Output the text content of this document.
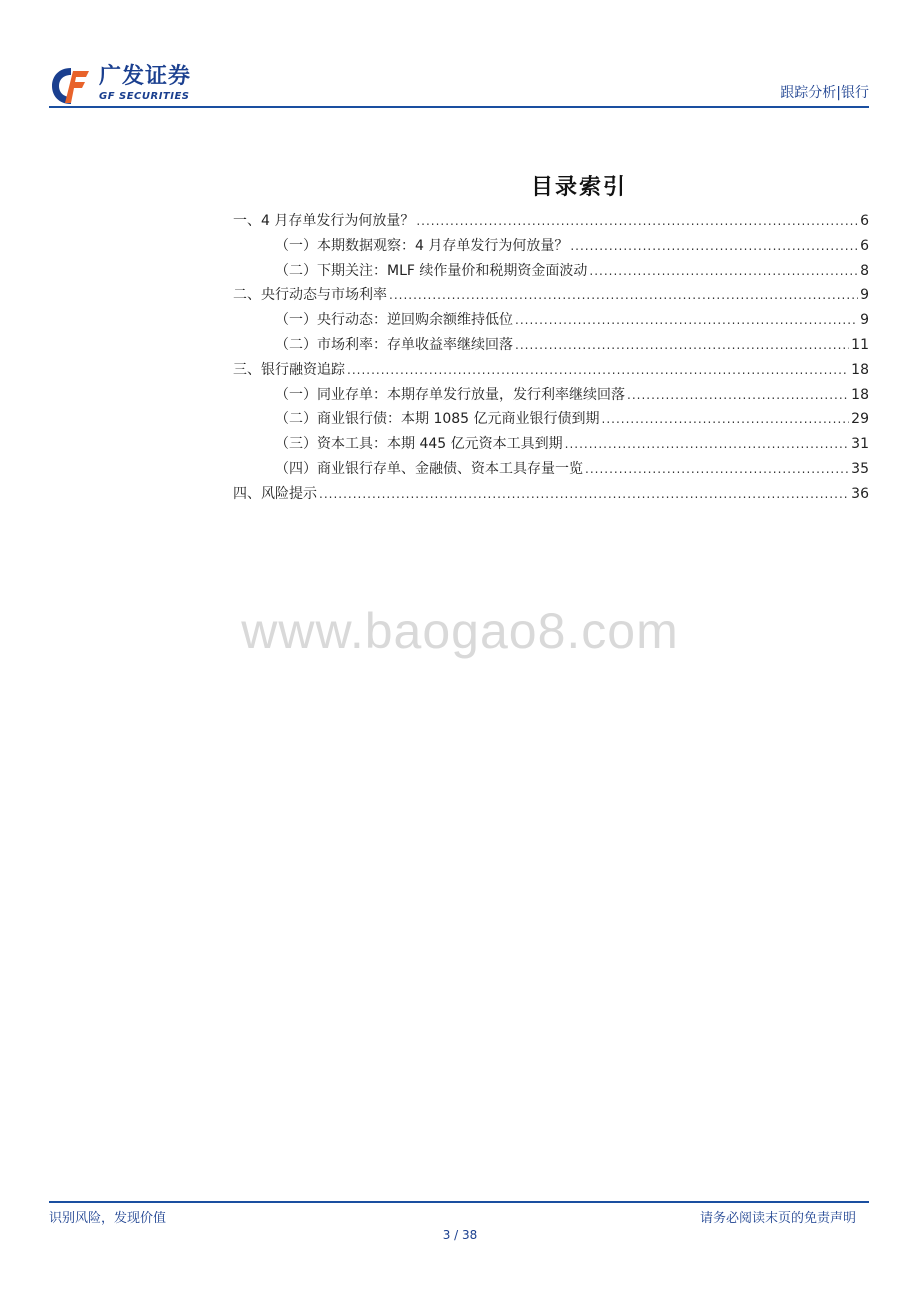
广发证券
GF SECURITIES	跟踪分析|银行
目录索引
一、4 月存单发行为何放量？ .....	6
（一）本期数据观察：4 月存单发行为何放量？ .....	6
（二）下期关注：MLF 续作量价和税期资金面波动 .....	8
二、央行动态与市场利率 .....	9
（一）央行动态：逆回购余额维持低位 .....	9
（二）市场利率：存单收益率继续回落 .....	11
三、银行融资追踪 .....	18
（一）同业存单：本期存单发行放量，发行利率继续回落 .....	18
（二）商业银行债：本期 1085 亿元商业银行债到期 .....	29
（三）资本工具：本期 445 亿元资本工具到期 .....	31
（四）商业银行存单、金融债、资本工具存量一览 .....	35
四、风险提示 .....	36
www.baogao8.com
识别风险，发现价值	请务必阅读末页的免责声明
3 / 38
